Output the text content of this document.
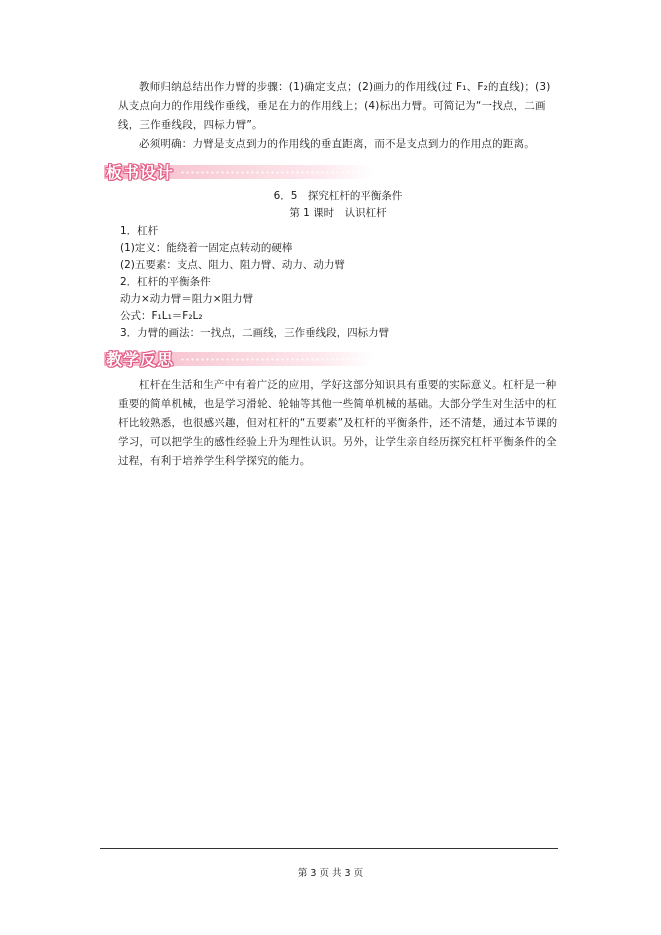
教师归纳总结出作力臂的步骤：(1)确定支点；(2)画力的作用线(过 F₁、F₂的直线)；(3)从支点向力的作用线作垂线，垂足在力的作用线上；(4)标出力臂。可简记为“一找点，二画线，三作垂线段，四标力臂”。

必须明确：力臂是支点到力的作用线的垂直距离，而不是支点到力的作用点的距离。

板书设计
6．5　探究杠杆的平衡条件
第 1 课时　认识杠杆
1．杠杆
(1)定义：能绕着一固定点转动的硬棒
(2)五要素：支点、阻力、阻力臂、动力、动力臂
2．杠杆的平衡条件
动力×动力臂＝阻力×阻力臂
公式：F₁L₁＝F₂L₂
3．力臂的画法：一找点，二画线，三作垂线段，四标力臂
教学反思

杠杆在生活和生产中有着广泛的应用，学好这部分知识具有重要的实际意义。杠杆是一种重要的简单机械，也是学习滑轮、轮轴等其他一些简单机械的基础。大部分学生对生活中的杠杆比较熟悉，也很感兴趣，但对杠杆的“五要素”及杠杆的平衡条件，还不清楚，通过本节课的学习，可以把学生的感性经验上升为理性认识。另外，让学生亲自经历探究杠杆平衡条件的全过程，有利于培养学生科学探究的能力。

第 3 页 共 3 页
